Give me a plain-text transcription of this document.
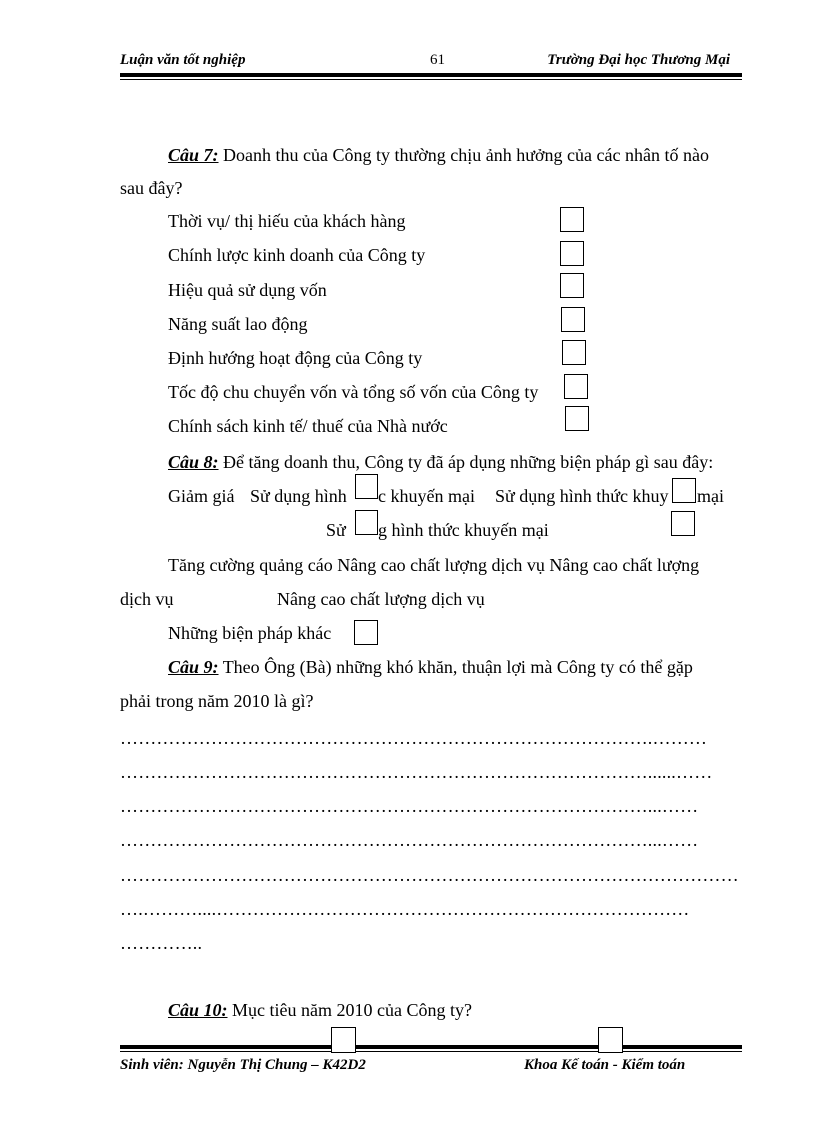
Luận văn tốt nghiệp	61	Trường Đại học Thương Mại
Câu 7: Doanh thu của Công ty thường chịu ảnh hưởng của các nhân tố nào
sau đây?
Thời vụ/ thị hiếu của khách hàng
Chính lược kinh doanh của Công ty
Hiệu quả sử dụng vốn
Năng suất lao động
Định hướng hoạt động của Công ty
Tốc độ chu chuyển vốn và tổng số vốn của Công ty
Chính sách kinh tế/ thuế của Nhà nước
Câu 8: Để tăng doanh thu, Công ty đã áp dụng những biện pháp gì sau đây:
Giảm giá Sử dụng hình c khuyến mại Sử dụng hình thức khuy mại
Sử g hình thức khuyến mại
Tăng cường quảng cáo Nâng cao chất lượng dịch vụ Nâng cao chất lượng
dịch vụ	Nâng cao chất lượng dịch vụ
Những biện pháp khác
Câu 9: Theo Ông (Bà) những khó khăn, thuận lợi mà Công ty có thể gặp
phải trong năm 2010 là gì?
…………………………………………………………………………….………
……………………………………………………………………………......……
……………………………………………………………………………...……
……………………………………………………………………………...……
…………………………………………………………………………………………
….………....……………………………………………………………………
…………..
Câu 10: Mục tiêu năm 2010 của Công ty?
Sinh viên: Nguyễn Thị Chung – K42D2	Khoa Kế toán - Kiểm toán
